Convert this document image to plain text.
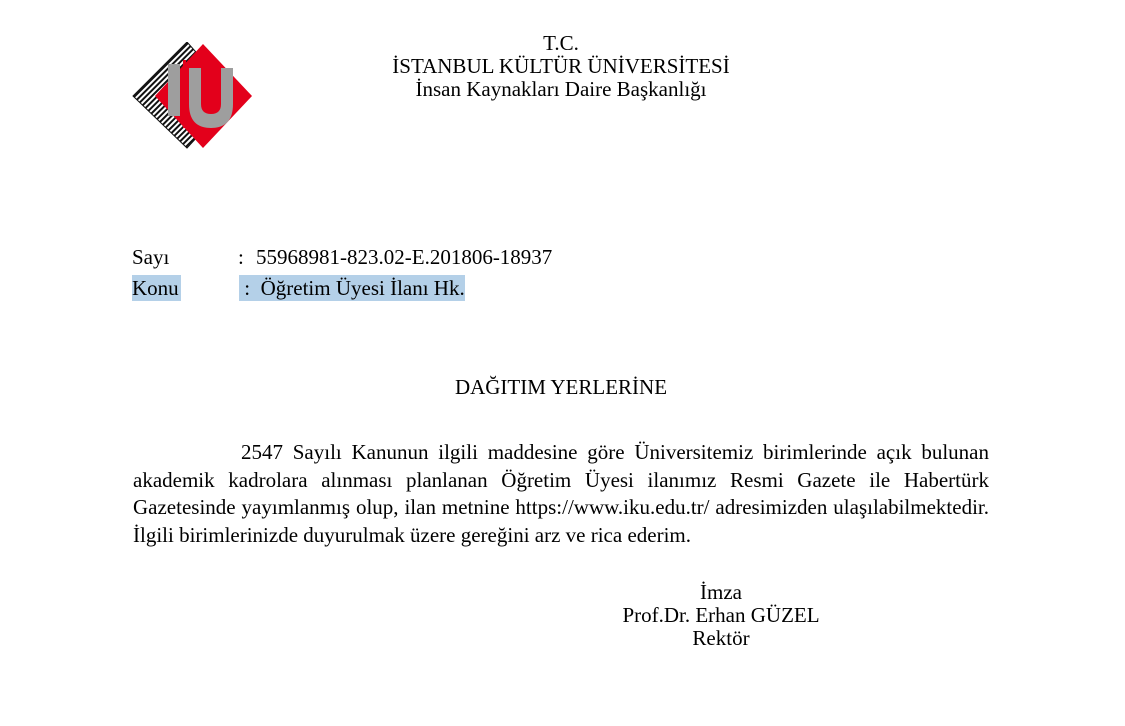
T.C.
İSTANBUL KÜLTÜR ÜNİVERSİTESİ
İnsan Kaynakları Daire Başkanlığı
Sayı	: 55968981-823.02-E.201806-18937
Konu	: Öğretim Üyesi İlanı Hk.
DAĞITIM YERLERİNE

2547 Sayılı Kanunun ilgili maddesine göre Üniversitemiz birimlerinde açık bulunan akademik kadrolara alınması planlanan Öğretim Üyesi ilanımız Resmi Gazete ile Habertürk Gazetesinde yayımlanmış olup, ilan metnine https://www.iku.edu.tr/ adresimizden ulaşılabilmektedir. İlgili birimlerinizde duyurulmak üzere gereğini arz ve rica ederim.

İmza
Prof.Dr. Erhan GÜZEL
Rektör
